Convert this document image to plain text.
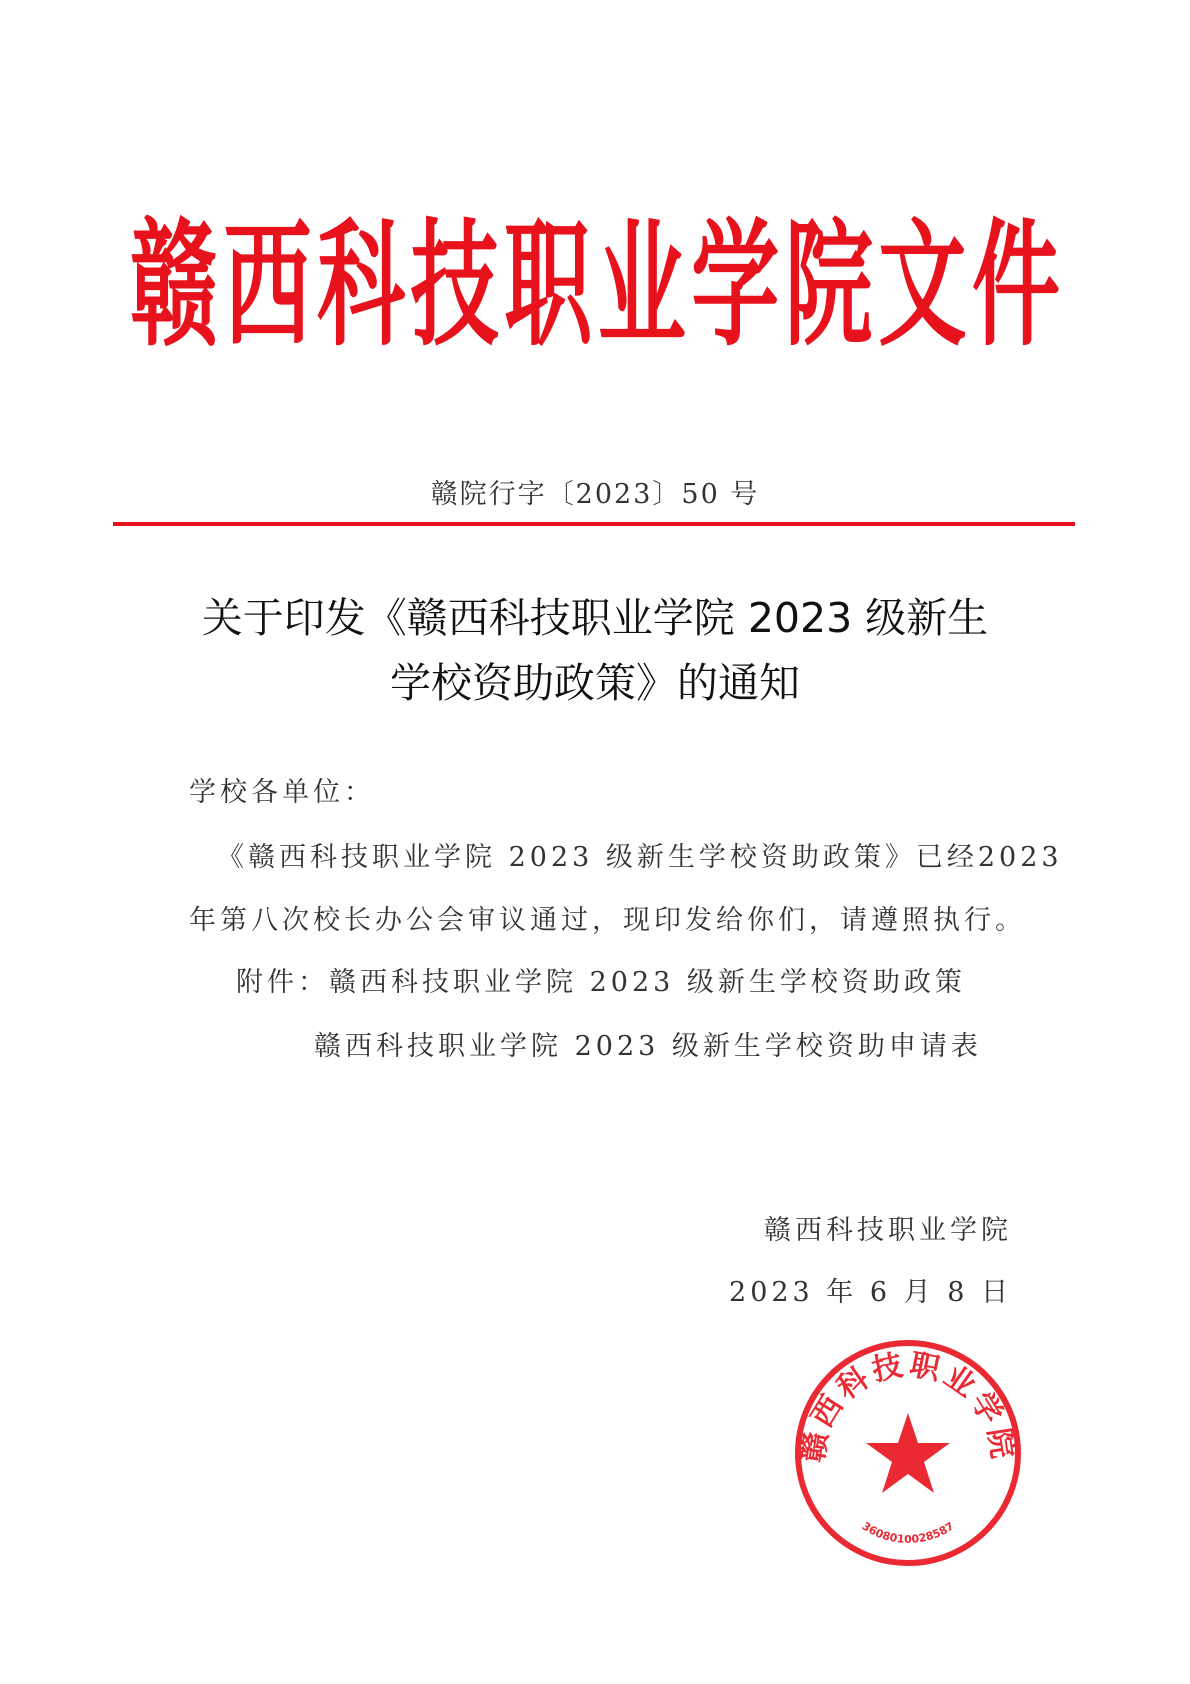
赣 西 科 技 职 业 学 院 文 件
赣院行字〔2023〕50 号
关于印发《赣西科技职业学院 2023 级新生
学校资助政策》的通知
学校各单位：
《赣西科技职业学院 2023 级新生学校资助政策》已经2023
年第八次校长办公会审议通过，现印发给你们，请遵照执行。
附件：赣西科技职业学院 2023 级新生学校资助政策
赣西科技职业学院 2023 级新生学校资助申请表
赣西科技职业学院
2023 年 6 月 8 日
赣西科技职业学院
3608010028587
